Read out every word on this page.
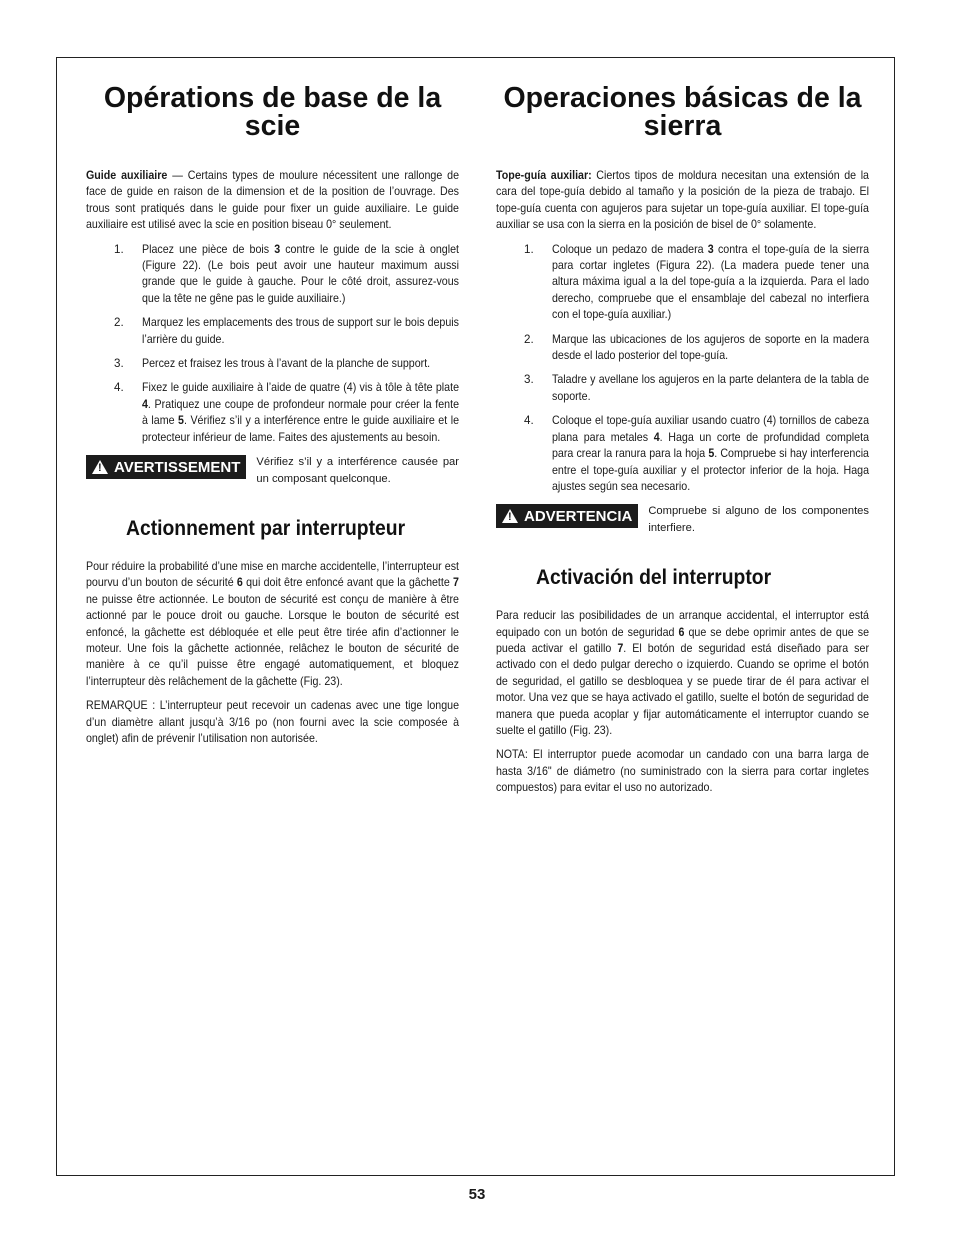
Opérations de base de la scie

Guide auxiliaire — Certains types de moulure nécessitent une rallonge de face de guide en raison de la dimension et de la position de l’ouvrage. Des trous sont pratiqués dans le guide pour fixer un guide auxiliaire. Le guide auxiliaire est utilisé avec la scie en position biseau 0° seulement.

1. Placez une pièce de bois 3 contre le guide de la scie à onglet (Figure 22). (Le bois peut avoir une hauteur maximum aussi grande que le guide à gauche. Pour le côté droit, assurez-vous que la tête ne gêne pas le guide auxiliaire.)

2. Marquez les emplacements des trous de support sur le bois depuis l’arrière du guide.

3. Percez et fraisez les trous à l’avant de la planche de support.

4. Fixez le guide auxiliaire à l’aide de quatre (4) vis à tôle à tête plate 4. Pratiquez une coupe de profondeur normale pour créer la fente à lame 5. Vérifiez s’il y a interférence entre le guide auxiliaire et le protecteur inférieur de lame. Faites des ajustements au besoin.

!
AVERTISSEMENT Vérifiez s’il y a interférence causée par un composant quelconque.

Actionnement par interrupteur

Pour réduire la probabilité d’une mise en marche accidentelle, l’interrupteur est pourvu d’un bouton de sécurité 6 qui doit être enfoncé avant que la gâchette 7 ne puisse être actionnée. Le bouton de sécurité est conçu de manière à être actionné par le pouce droit ou gauche. Lorsque le bouton de sécurité est enfoncé, la gâchette est débloquée et elle peut être tirée afin d’actionner le moteur. Une fois la gâchette actionnée, relâchez le bouton de sécurité de manière à ce qu’il puisse être engagé automatiquement, et bloquez l’interrupteur dès relâchement de la gâchette (Fig. 23).

REMARQUE : L’interrupteur peut recevoir un cadenas avec une tige longue d’un diamètre allant jusqu’à 3/16 po (non fourni avec la scie composée à onglet) afin de prévenir l’utilisation non autorisée.

Operaciones básicas de la sierra

Tope-guía auxiliar: Ciertos tipos de moldura necesitan una extensión de la cara del tope-guía debido al tamaño y la posición de la pieza de trabajo. El tope-guía cuenta con agujeros para sujetar un tope-guía auxiliar. El tope-guía auxiliar se usa con la sierra en la posición de bisel de 0° solamente.

1. Coloque un pedazo de madera 3 contra el tope-guía de la sierra para cortar ingletes (Figura 22). (La madera puede tener una altura máxima igual a la del tope-guía a la izquierda. Para el lado derecho, compruebe que el ensamblaje del cabezal no interfiera con el tope-guía auxiliar.)

2. Marque las ubicaciones de los agujeros de soporte en la madera desde el lado posterior del tope-guía.

3. Taladre y avellane los agujeros en la parte delantera de la tabla de soporte.

4. Coloque el tope-guía auxiliar usando cuatro (4) tornillos de cabeza plana para metales 4. Haga un corte de profundidad completa para crear la ranura para la hoja 5. Compruebe si hay interferencia entre el tope-guía auxiliar y el protector inferior de la hoja. Haga ajustes según sea necesario.

!
ADVERTENCIA Compruebe si alguno de los componentes interfiere.

Activación del interruptor

Para reducir las posibilidades de un arranque accidental, el interruptor está equipado con un botón de seguridad 6 que se debe oprimir antes de que se pueda activar el gatillo 7. El botón de seguridad está diseñado para ser activado con el dedo pulgar derecho o izquierdo. Cuando se oprime el botón de seguridad, el gatillo se desbloquea y se puede tirar de él para activar el motor. Una vez que se haya activado el gatillo, suelte el botón de seguridad de manera que pueda acoplar y fijar automáticamente el interruptor cuando se suelte el gatillo (Fig. 23).

NOTA: El interruptor puede acomodar un candado con una barra larga de hasta 3/16" de diámetro (no suministrado con la sierra para cortar ingletes compuestos) para evitar el uso no autorizado.

53
